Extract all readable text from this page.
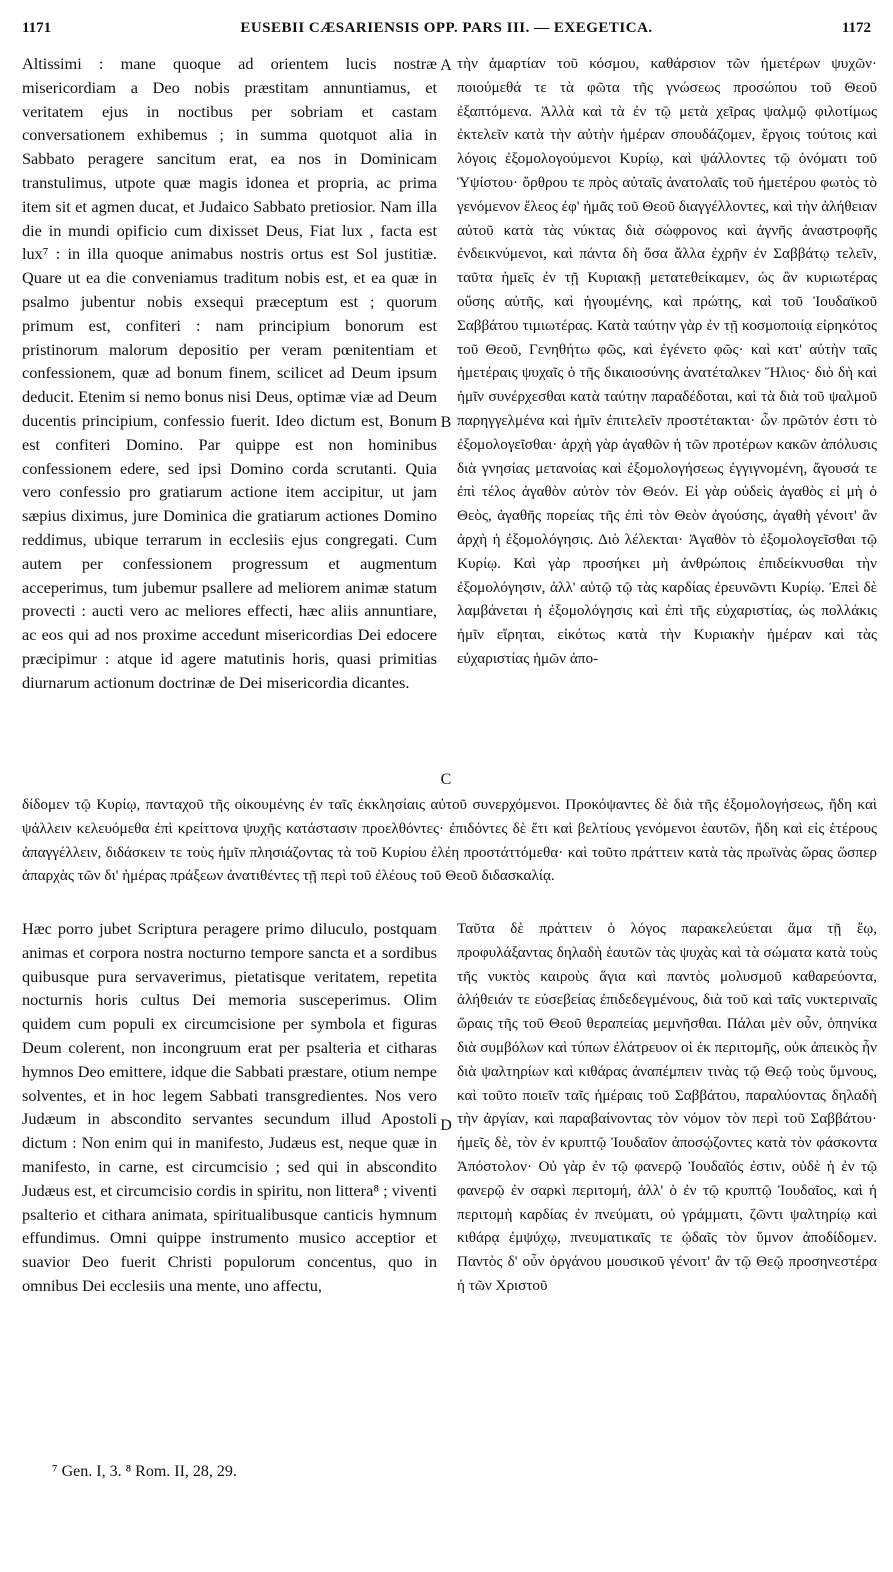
1171	EUSEBII CÆSARIENSIS OPP. PARS III. — EXEGETICA.	1172
Altissimi : mane quoque ad orientem lucis nostræ misericordiam a Deo nobis præstitam annuntiamus, et veritatem ejus in noctibus per sobriam et castam conversationem exhibemus ; in summa quotquot alia in Sabbato peragere sancitum erat, ea nos in Dominicam transtulimus, utpote quæ magis idonea et propria, ac prima item sit et agmen ducat, et Judaico Sabbato pretiosior. Nam illa die in mundi opificio cum dixisset Deus, Fiat lux , facta est lux⁷ : in illa quoque animabus nostris ortus est Sol justitiæ. Quare ut ea die conveniamus traditum nobis est, et ea quæ in psalmo jubentur nobis exsequi præceptum est ; quorum primum est, confiteri : nam principium bonorum est pristinorum malorum depositio per veram pœnitentiam et confessionem, quæ ad bonum finem, scilicet ad Deum ipsum deducit. Etenim si nemo bonus nisi Deus, optimæ viæ ad Deum ducentis principium, confessio fuerit. Ideo dictum est, Bonum est confiteri Domino. Par quippe est non hominibus confessionem edere, sed ipsi Domino corda scrutanti. Quia vero confessio pro gratiarum actione item accipitur, ut jam sæpius diximus, jure Dominica die gratiarum actiones Domino reddimus, ubique terrarum in ecclesiis ejus congregati. Cum autem per confessionem progressum et augmentum acceperimus, tum jubemur psallere ad meliorem animæ statum provecti : aucti vero ac meliores effecti, hæc aliis annuntiare, ac eos qui ad nos proxime accedunt misericordias Dei edocere præcipimur : atque id agere matutinis horis, quasi primitias diurnarum actionum doctrinæ de Dei misericordia dicantes.
τὴν ἁμαρτίαν τοῦ κόσμου, καθάρσιον τῶν ἡμετέρων ψυχῶν· ποιούμεθά τε τὰ φῶτα τῆς γνώσεως προσώπου τοῦ Θεοῦ ἐξαπτόμενα. Ἀλλὰ καὶ τὰ ἐν τῷ μετὰ χεῖρας ψαλμῷ φιλοτίμως ἐκτελεῖν κατὰ τὴν αὐτὴν ἡμέραν σπουδάζομεν, ἔργοις τούτοις καὶ λόγοις ἐξομολογούμενοι Κυρίῳ, καὶ ψάλλοντες τῷ ὀνόματι τοῦ Ὑψίστου· ὄρθρου τε πρὸς αὐταῖς ἀνατολαῖς τοῦ ἡμετέρου φωτὸς τὸ γενόμενον ἔλεος ἐφ' ἡμᾶς τοῦ Θεοῦ διαγγέλλοντες, καὶ τὴν ἀλήθειαν αὐτοῦ κατὰ τὰς νύκτας διὰ σώφρονος καὶ ἁγνῆς ἀναστροφῆς ἐνδεικνύμενοι, καὶ πάντα δὴ ὅσα ἄλλα ἐχρῆν ἐν Σαββάτῳ τελεῖν, ταῦτα ἡμεῖς ἐν τῇ Κυριακῇ μετατεθείκαμεν, ὡς ἂν κυριωτέρας οὔσης αὐτῆς, καὶ ἡγουμένης, καὶ πρώτης, καὶ τοῦ Ἰουδαϊκοῦ Σαββάτου τιμιωτέρας. Κατὰ ταύτην γὰρ ἐν τῇ κοσμοποιίᾳ εἰρηκότος τοῦ Θεοῦ, Γενηθήτω φῶς, καὶ ἐγένετο φῶς· καὶ κατ' αὐτὴν ταῖς ἡμετέραις ψυχαῖς ὁ τῆς δικαιοσύνης ἀνατέταλκεν Ἥλιος· διὸ δὴ καὶ ἡμῖν συνέρχεσθαι κατὰ ταύτην παραδέδοται, καὶ τὰ διὰ τοῦ ψαλμοῦ παρηγγελμένα καὶ ἡμῖν ἐπιτελεῖν προστέτακται· ὧν πρῶτόν ἐστι τὸ ἐξομολογεῖσθαι· ἀρχὴ γὰρ ἀγαθῶν ἡ τῶν προτέρων κακῶν ἀπόλυσις διὰ γνησίας μετανοίας καὶ ἐξομολογήσεως ἐγγιγνομένη, ἄγουσά τε ἐπὶ τέλος ἀγαθὸν αὐτὸν τὸν Θεόν. Εἰ γὰρ οὐδεὶς ἀγαθὸς εἰ μὴ ὁ Θεὸς, ἀγαθῆς πορείας τῆς ἐπὶ τὸν Θεὸν ἀγούσης, ἀγαθὴ γένοιτ' ἂν ἀρχὴ ἡ ἐξομολόγησις. Διὸ λέλεκται· Ἀγαθὸν τὸ ἐξομολογεῖσθαι τῷ Κυρίῳ. Καὶ γὰρ προσήκει μὴ ἀνθρώποις ἐπιδείκνυσθαι τὴν ἐξομολόγησιν, ἀλλ' αὐτῷ τῷ τὰς καρδίας ἐρευνῶντι Κυρίῳ. Ἐπεὶ δὲ λαμβάνεται ἡ ἐξομολόγησις καὶ ἐπὶ τῆς εὐχαριστίας, ὡς πολλάκις ἡμῖν εἴρηται, εἰκότως κατὰ τὴν Κυριακὴν ἡμέραν καὶ τὰς εὐχαριστίας ἡμῶν ἀπο-
A
B
C
D
δίδομεν τῷ Κυρίῳ, πανταχοῦ τῆς οἰκουμένης ἐν ταῖς ἐκκλησίαις αὐτοῦ συνερχόμενοι. Προκόψαντες δὲ διὰ τῆς ἐξομολογήσεως, ἤδη καὶ ψάλλειν κελευόμεθα ἐπὶ κρείττονα ψυχῆς κατάστασιν προελθόντες· ἐπιδόντες δὲ ἔτι καὶ βελτίους γενόμενοι ἑαυτῶν, ἤδη καὶ εἰς ἑτέρους ἀπαγγέλλειν, διδάσκειν τε τοὺς ἡμῖν πλησιάζοντας τὰ τοῦ Κυρίου ἐλέη προστάττόμεθα· καὶ τοῦτο πράττειν κατὰ τὰς πρωϊνὰς ὥρας ὥσπερ ἀπαρχὰς τῶν δι' ἡμέρας πράξεων ἀνατιθέντες τῇ περὶ τοῦ ἐλέους τοῦ Θεοῦ διδασκαλίᾳ.
Hæc porro jubet Scriptura peragere primo diluculo, postquam animas et corpora nostra nocturno tempore sancta et a sordibus quibusque pura servaverimus, pietatisque veritatem, repetita nocturnis horis cultus Dei memoria susceperimus. Olim quidem cum populi ex circumcisione per symbola et figuras Deum colerent, non incongruum erat per psalteria et citharas hymnos Deo emittere, idque die Sabbati præstare, otium nempe solventes, et in hoc legem Sabbati transgredientes. Nos vero Judæum in abscondito servantes secundum illud Apostoli dictum : Non enim qui in manifesto, Judæus est, neque quæ in manifesto, in carne, est circumcisio ; sed qui in abscondito Judæus est, et circumcisio cordis in spiritu, non littera⁸ ; viventi psalterio et cithara animata, spiritualibusque canticis hymnum effundimus. Omni quippe instrumento musico acceptior et suavior Deo fuerit Christi populorum concentus, quo in omnibus Dei ecclesiis una mente, uno affectu,
Ταῦτα δὲ πράττειν ὁ λόγος παρακελεύεται ἅμα τῇ ἕῳ, προφυλάξαντας δηλαδὴ ἑαυτῶν τὰς ψυχὰς καὶ τὰ σώματα κατὰ τοὺς τῆς νυκτὸς καιροὺς ἅγια καὶ παντὸς μολυσμοῦ καθαρεύοντα, ἀλήθειάν τε εὐσεβείας ἐπιδεδεγμένους, διὰ τοῦ καὶ ταῖς νυκτεριναῖς ὥραις τῆς τοῦ Θεοῦ θεραπείας μεμνῆσθαι. Πάλαι μὲν οὖν, ὁπηνίκα διὰ συμβόλων καὶ τύπων ἐλάτρευον οἱ ἐκ περιτομῆς, οὐκ ἀπεικὸς ἦν διὰ ψαλτηρίων καὶ κιθάρας ἀναπέμπειν τινὰς τῷ Θεῷ τοὺς ὕμνους, καὶ τοῦτο ποιεῖν ταῖς ἡμέραις τοῦ Σαββάτου, παραλύοντας δηλαδὴ τὴν ἀργίαν, καὶ παραβαίνοντας τὸν νόμον τὸν περὶ τοῦ Σαββάτου· ἡμεῖς δὲ, τὸν ἐν κρυπτῷ Ἰουδαῖον ἀποσῴζοντες κατὰ τὸν φάσκοντα Ἀπόστολον· Οὐ γὰρ ἐν τῷ φανερῷ Ἰουδαῖός ἐστιν, οὐδὲ ἡ ἐν τῷ φανερῷ ἐν σαρκὶ περιτομή, ἀλλ' ὁ ἐν τῷ κρυπτῷ Ἰουδαῖος, καὶ ἡ περιτομὴ καρδίας ἐν πνεύματι, οὐ γράμματι, ζῶντι ψαλτηρίῳ καὶ κιθάρᾳ ἐμψύχῳ, πνευματικαῖς τε ᾠδαῖς τὸν ὕμνον ἀποδίδομεν. Παντὸς δ' οὖν ὀργάνου μουσικοῦ γένοιτ' ἂν τῷ Θεῷ προσηνεστέρα ἡ τῶν Χριστοῦ
⁷ Gen. I, 3. ⁸ Rom. II, 28, 29.
